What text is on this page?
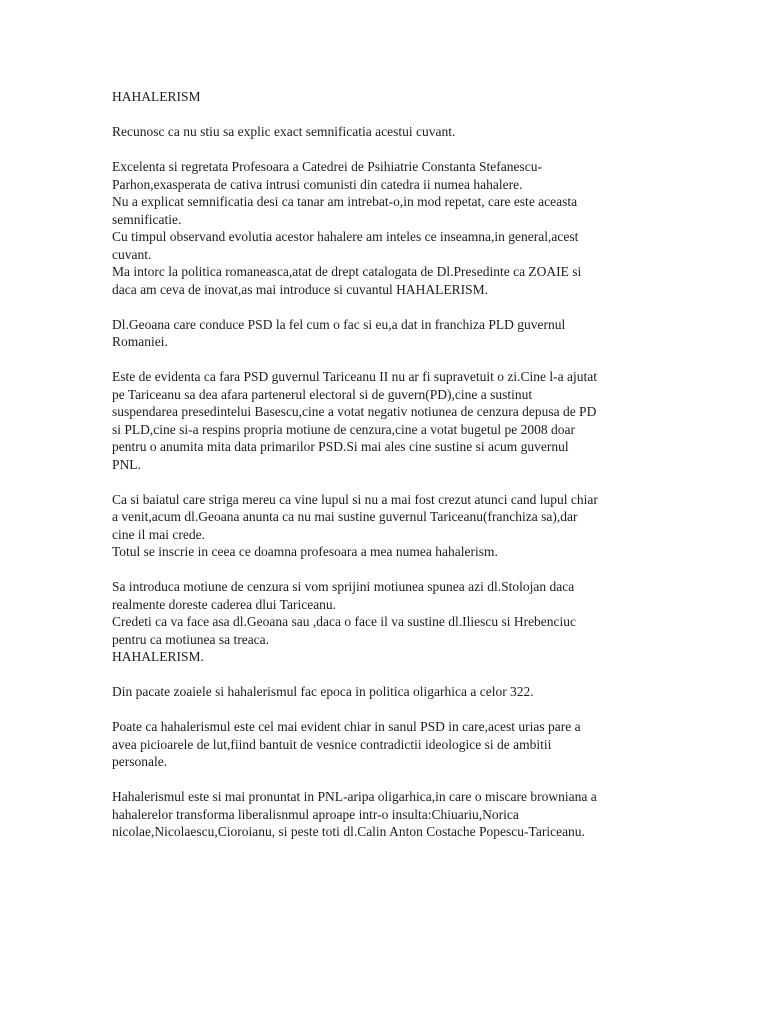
HAHALERISM
Recunosc ca nu stiu sa explic exact semnificatia acestui cuvant.
Excelenta si regretata Profesoara a Catedrei de Psihiatrie Constanta Stefanescu-
Parhon,exasperata de cativa intrusi comunisti din catedra ii numea hahalere.
Nu a explicat semnificatia desi ca tanar am intrebat-o,in mod repetat, care este aceasta
semnificatie.
Cu timpul observand evolutia acestor hahalere am inteles ce inseamna,in general,acest
cuvant.
Ma intorc la politica romaneasca,atat de drept catalogata de Dl.Presedinte ca ZOAIE si
daca am ceva de inovat,as mai introduce si cuvantul HAHALERISM.
Dl.Geoana care conduce PSD la fel cum o fac si eu,a dat in franchiza PLD guvernul
Romaniei.
Este de evidenta ca fara PSD guvernul Tariceanu II nu ar fi supravetuit o zi.Cine l-a ajutat
pe Tariceanu sa dea afara partenerul electoral si de guvern(PD),cine a sustinut
suspendarea presedintelui Basescu,cine a votat negativ notiunea de cenzura depusa de PD
si PLD,cine si-a respins propria motiune de cenzura,cine a votat bugetul pe 2008 doar
pentru o anumita mita data primarilor PSD.Si mai ales cine sustine si acum guvernul
PNL.
Ca si baiatul care striga mereu ca vine lupul si nu a mai fost crezut atunci cand lupul chiar
a venit,acum dl.Geoana anunta ca nu mai sustine guvernul Tariceanu(franchiza sa),dar
cine il mai crede.
Totul se inscrie in ceea ce doamna profesoara a mea numea hahalerism.
Sa introduca motiune de cenzura si vom sprijini motiunea spunea azi dl.Stolojan daca
realmente doreste caderea dlui Tariceanu.
Credeti ca va face asa dl.Geoana sau ,daca o face il va sustine dl.Iliescu si Hrebenciuc
pentru ca motiunea sa treaca.
HAHALERISM.
Din pacate zoaiele si hahalerismul fac epoca in politica oligarhica a celor 322.
Poate ca hahalerismul este cel mai evident chiar in sanul PSD in care,acest urias pare a
avea picioarele de lut,fiind bantuit de vesnice contradictii ideologice si de ambitii
personale.
Hahalerismul este si mai pronuntat in PNL-aripa oligarhica,in care o miscare browniana a
hahalerelor transforma liberalisnmul aproape intr-o insulta:Chiuariu,Norica
nicolae,Nicolaescu,Cioroianu, si peste toti dl.Calin Anton Costache Popescu-Tariceanu.
